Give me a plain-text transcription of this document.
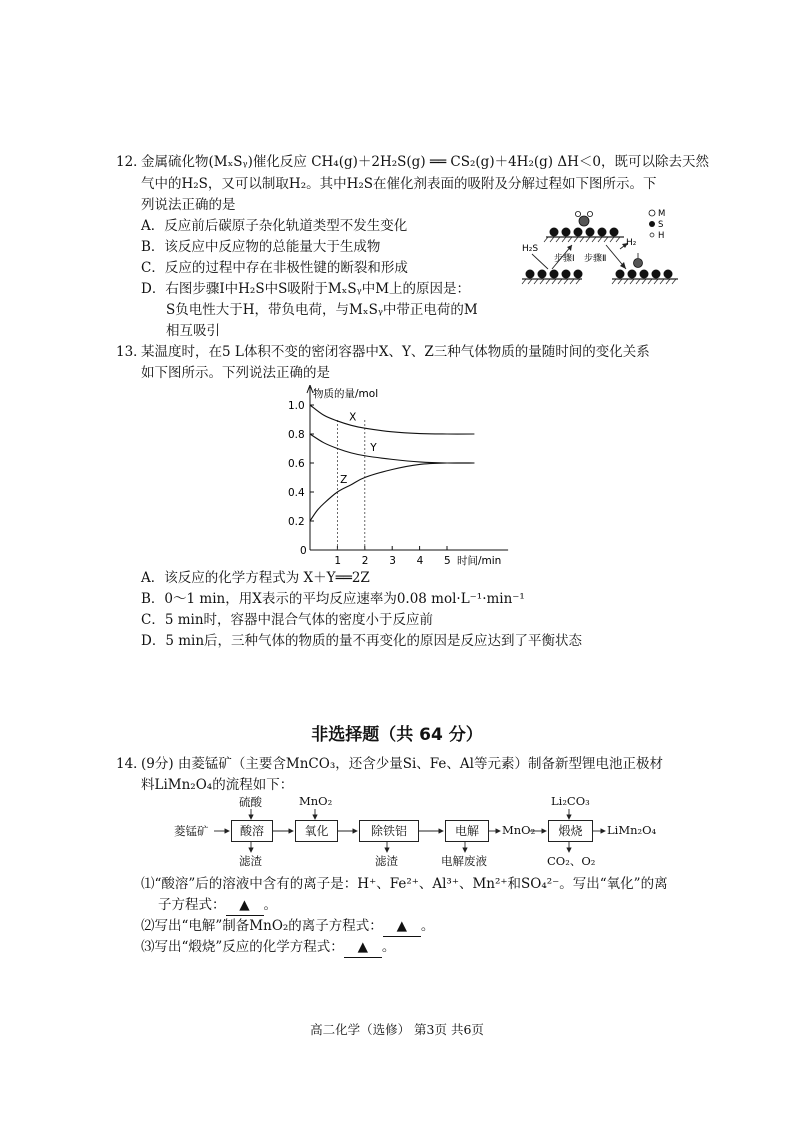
12．
金属硫化物(MₓSᵧ)催化反应 CH₄(g)＋2H₂S(g) ══ CS₂(g)＋4H₂(g) ΔH＜0，既可以除去天然
气中的H₂S，又可以制取H₂。其中H₂S在催化剂表面的吸附及分解过程如下图所示。下
列说法正确的是
A．反应前后碳原子杂化轨道类型不发生变化
B．该反应中反应物的总能量大于生成物
C．反应的过程中存在非极性键的断裂和形成
D．右图步骤Ⅰ中H₂S中S吸附于MₓSᵧ中M上的原因是：
S负电性大于H，带负电荷，与MₓSᵧ中带正电荷的M
相互吸引
M
S
H
H₂S
步骤Ⅰ 步骤Ⅱ
H₂
13．
某温度时，在5 L体积不变的密闭容器中X、Y、Z三种气体物质的量随时间的变化关系
如下图所示。下列说法正确的是
0.2
0.4
0.6
0.8
1.0
0
1 2 3 4 5
物质的量/mol
时间/min
X
Y
Z
A．该反应的化学方程式为 X＋Y══2Z
B．0～1 min，用X表示的平均反应速率为0.08 mol·L⁻¹·min⁻¹
C．5 min时，容器中混合气体的密度小于反应前
D．5 min后，三种气体的物质的量不再变化的原因是反应达到了平衡状态
非选择题（共 64 分）
14．
(9分) 由菱锰矿（主要含MnCO₃，还含少量Si、Fe、Al等元素）制备新型锂电池正极材
料LiMn₂O₄的流程如下：
菱锰矿	酸溶	氧化	除铁铝	电解	MnO₂	煅烧	LiMn₂O₄
硫酸	MnO₂	Li₂CO₃
滤渣	滤渣	电解废液	CO₂、O₂
⑴“酸溶”后的溶液中含有的离子是：H⁺、Fe²⁺、Al³⁺、Mn²⁺和SO₄²⁻。写出“氧化”的离
子方程式： ▲ 。
⑵写出“电解”制备MnO₂的离子方程式： ▲ 。
⑶写出“煅烧”反应的化学方程式： ▲ 。
高二化学（选修） 第3页 共6页
